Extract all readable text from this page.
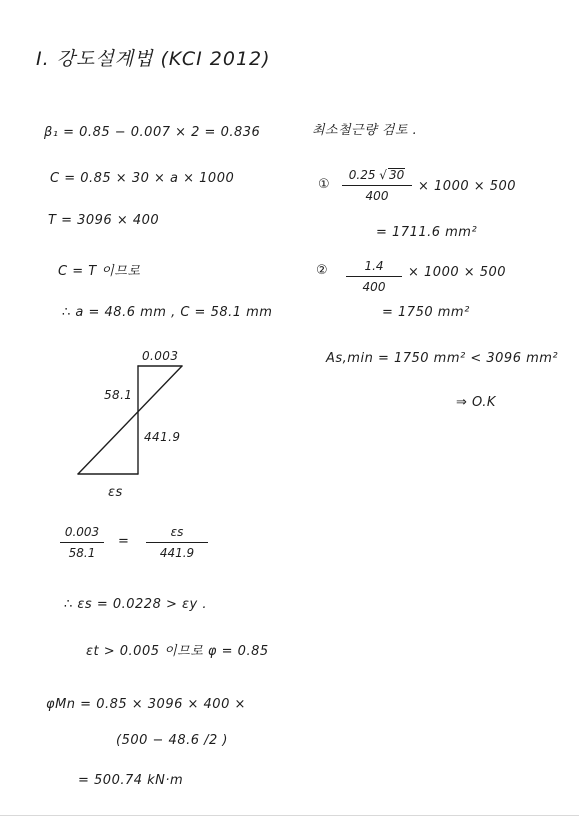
I. 강도설계법 (KCI 2012)
β₁ = 0.85 − 0.007 × 2 = 0.836
C = 0.85 × 30 × a × 1000
T = 3096 × 400
C = T 이므로
∴ a = 48.6 mm , C = 58.1 mm
0.003
58.1
441.9
εs
0.003
58.1
=
εs
441.9
∴ εs = 0.0228 > εy .
εt > 0.005 이므로 φ = 0.85
φMn = 0.85 × 3096 × 400 ×
(500 − 48.6 /2 )
= 500.74 kN·m
최소철근량 검토 .
①
0.25 √ 30
400
× 1000 × 500
= 1711.6 mm²
②	1.4
400
× 1000 × 500
= 1750 mm²
As,min = 1750 mm² < 3096 mm²
⇒ O.K
